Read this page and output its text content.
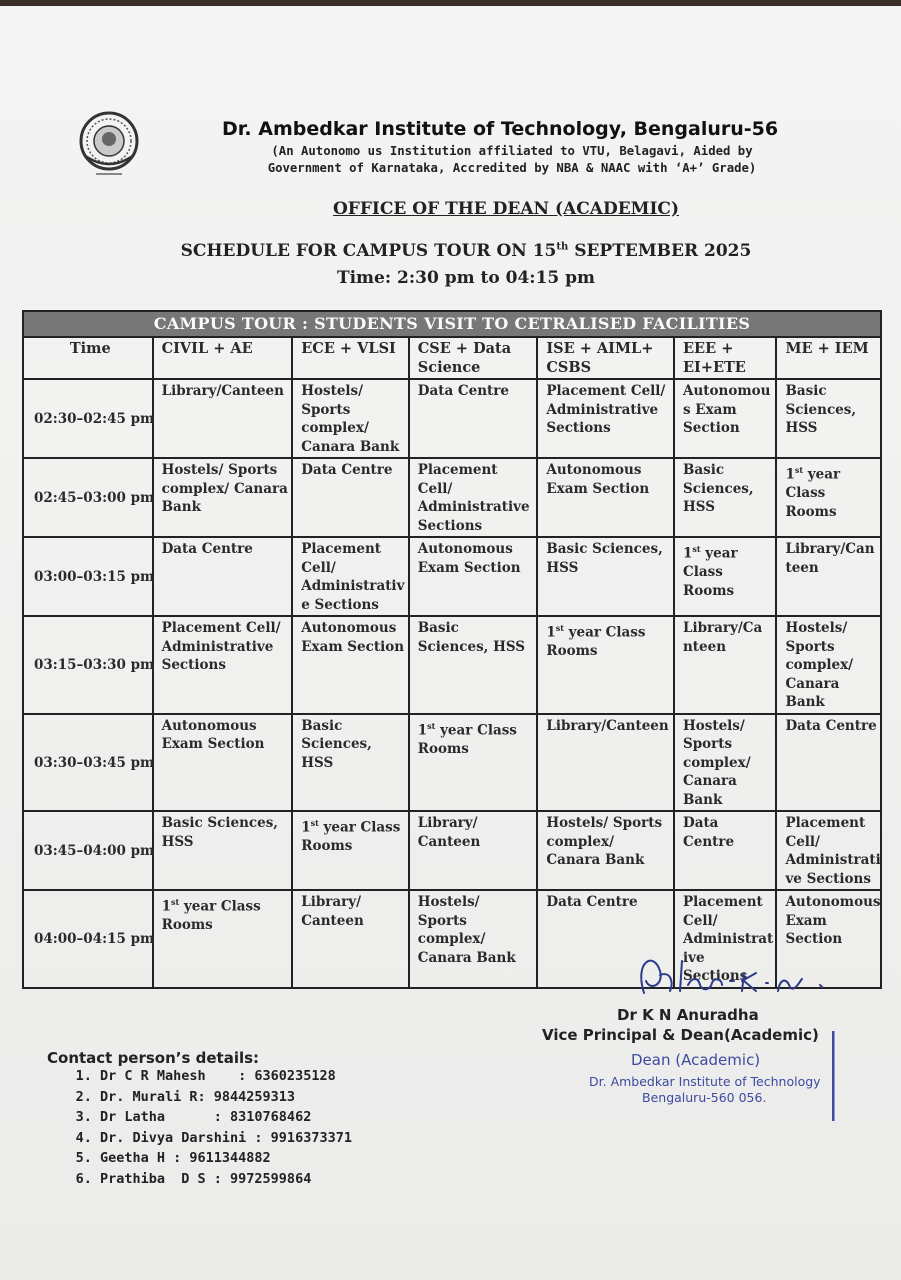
Dr. Ambedkar Institute of Technology, Bengaluru-56
(An Autonomo us Institution affiliated to VTU, Belagavi, Aided by
Government of Karnataka, Accredited by NBA & NAAC with ‘A+’ Grade)
OFFICE OF THE DEAN (ACADEMIC)
SCHEDULE FOR CAMPUS TOUR ON 15th SEPTEMBER 2025
Time: 2:30 pm to 04:15 pm
CAMPUS TOUR : STUDENTS VISIT TO CETRALISED FACILITIES						
Time	CIVIL + AE	ECE + VLSI	CSE + Data Science	ISE + AIML+ CSBS	EEE + EI+ETE	ME + IEM
02:30–02:45 pm	Library/Canteen	Hostels/ Sports complex/ Canara Bank	Data Centre	Placement Cell/ Administrative Sections	Autonomou s Exam Section	Basic Sciences, HSS
02:45–03:00 pm	Hostels/ Sports complex/ Canara Bank	Data Centre	Placement Cell/ Administrative Sections	Autonomous Exam Section	Basic Sciences, HSS	1st year Class Rooms
03:00–03:15 pm	Data Centre	Placement Cell/ Administrativ e Sections	Autonomous Exam Section	Basic Sciences, HSS	1st year Class Rooms	Library/Can teen
03:15–03:30 pm	Placement Cell/ Administrative Sections	Autonomous Exam Section	Basic Sciences, HSS	1st year Class Rooms	Library/Ca nteen	Hostels/ Sports complex/ Canara Bank
03:30–03:45 pm	Autonomous Exam Section	Basic Sciences, HSS	1st year Class Rooms	Library/Canteen	Hostels/ Sports complex/ Canara Bank	Data Centre
03:45–04:00 pm	Basic Sciences, HSS	1st year Class Rooms	Library/ Canteen	Hostels/ Sports complex/ Canara Bank	Data Centre	Placement Cell/ Administrati ve Sections
04:00–04:15 pm	1st year Class Rooms	Library/ Canteen	Hostels/ Sports complex/ Canara Bank	Data Centre	Placement Cell/ Administrat ive Sections	Autonomous Exam Section
Dr K N Anuradha
Vice Principal & Dean(Academic)
Dean (Academic)
Dr. Ambedkar Institute of Technology
Bengaluru-560 056.
Contact person’s details:
1. Dr C R Mahesh    : 6360235128
2. Dr. Murali R: 9844259313
3. Dr Latha      : 8310768462
4. Dr. Divya Darshini : 9916373371
5. Geetha H : 9611344882
6. Prathiba  D S : 9972599864
